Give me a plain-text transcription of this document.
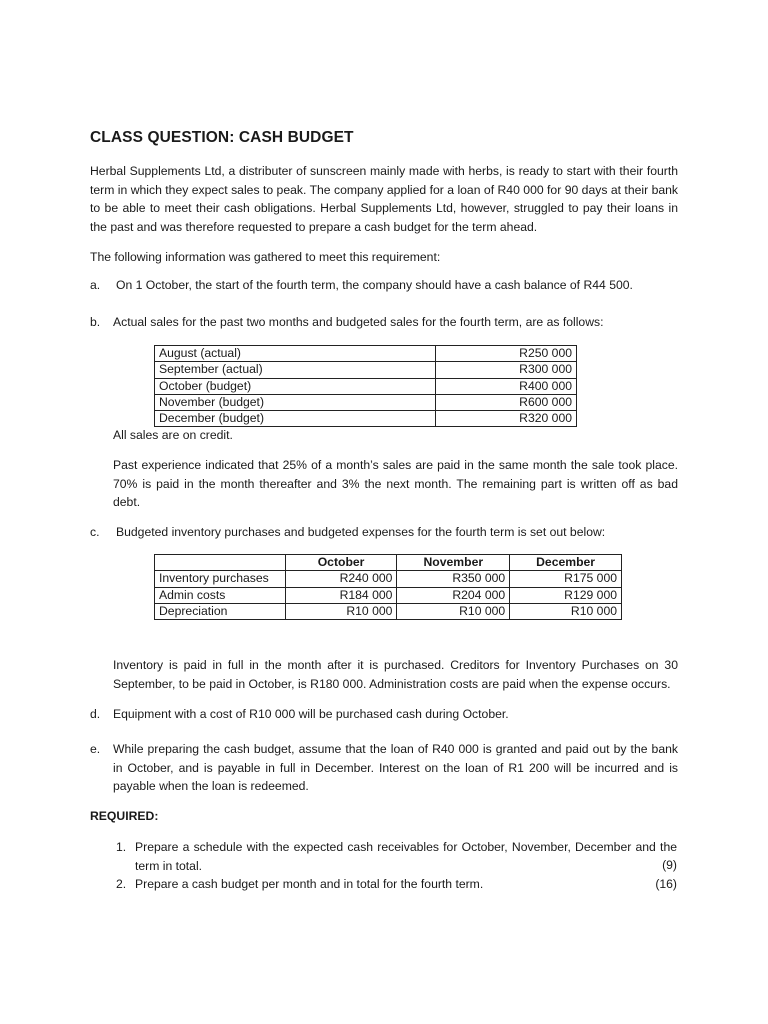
CLASS QUESTION: CASH BUDGET
Herbal Supplements Ltd, a distributer of sunscreen mainly made with herbs, is ready to start with their fourth term in which they expect sales to peak. The company applied for a loan of R40 000 for 90 days at their bank to be able to meet their cash obligations. Herbal Supplements Ltd, however, struggled to pay their loans in the past and was therefore requested to prepare a cash budget for the term ahead.
The following information was gathered to meet this requirement:
a. On 1 October, the start of the fourth term, the company should have a cash balance of R44 500.
b. Actual sales for the past two months and budgeted sales for the fourth term, are as follows:
August (actual)	R250 000
September (actual)	R300 000
October (budget)	R400 000
November (budget)	R600 000
December (budget)	R320 000
All sales are on credit.
Past experience indicated that 25% of a month’s sales are paid in the same month the sale took place. 70% is paid in the month thereafter and 3% the next month. The remaining part is written off as bad debt.
c. Budgeted inventory purchases and budgeted expenses for the fourth term is set out below:
	October	November	December
Inventory purchases	R240 000	R350 000	R175 000
Admin costs	R184 000	R204 000	R129 000
Depreciation	R10 000	R10 000	R10 000
Inventory is paid in full in the month after it is purchased. Creditors for Inventory Purchases on 30 September, to be paid in October, is R180 000. Administration costs are paid when the expense occurs.
d. Equipment with a cost of R10 000 will be purchased cash during October.
e. While preparing the cash budget, assume that the loan of R40 000 is granted and paid out by the bank in October, and is payable in full in December. Interest on the loan of R1 200 will be incurred and is payable when the loan is redeemed.
REQUIRED:
1. Prepare a schedule with the expected cash receivables for October, November, December and the term in total.	(9)
2. Prepare a cash budget per month and in total for the fourth term.	(16)
